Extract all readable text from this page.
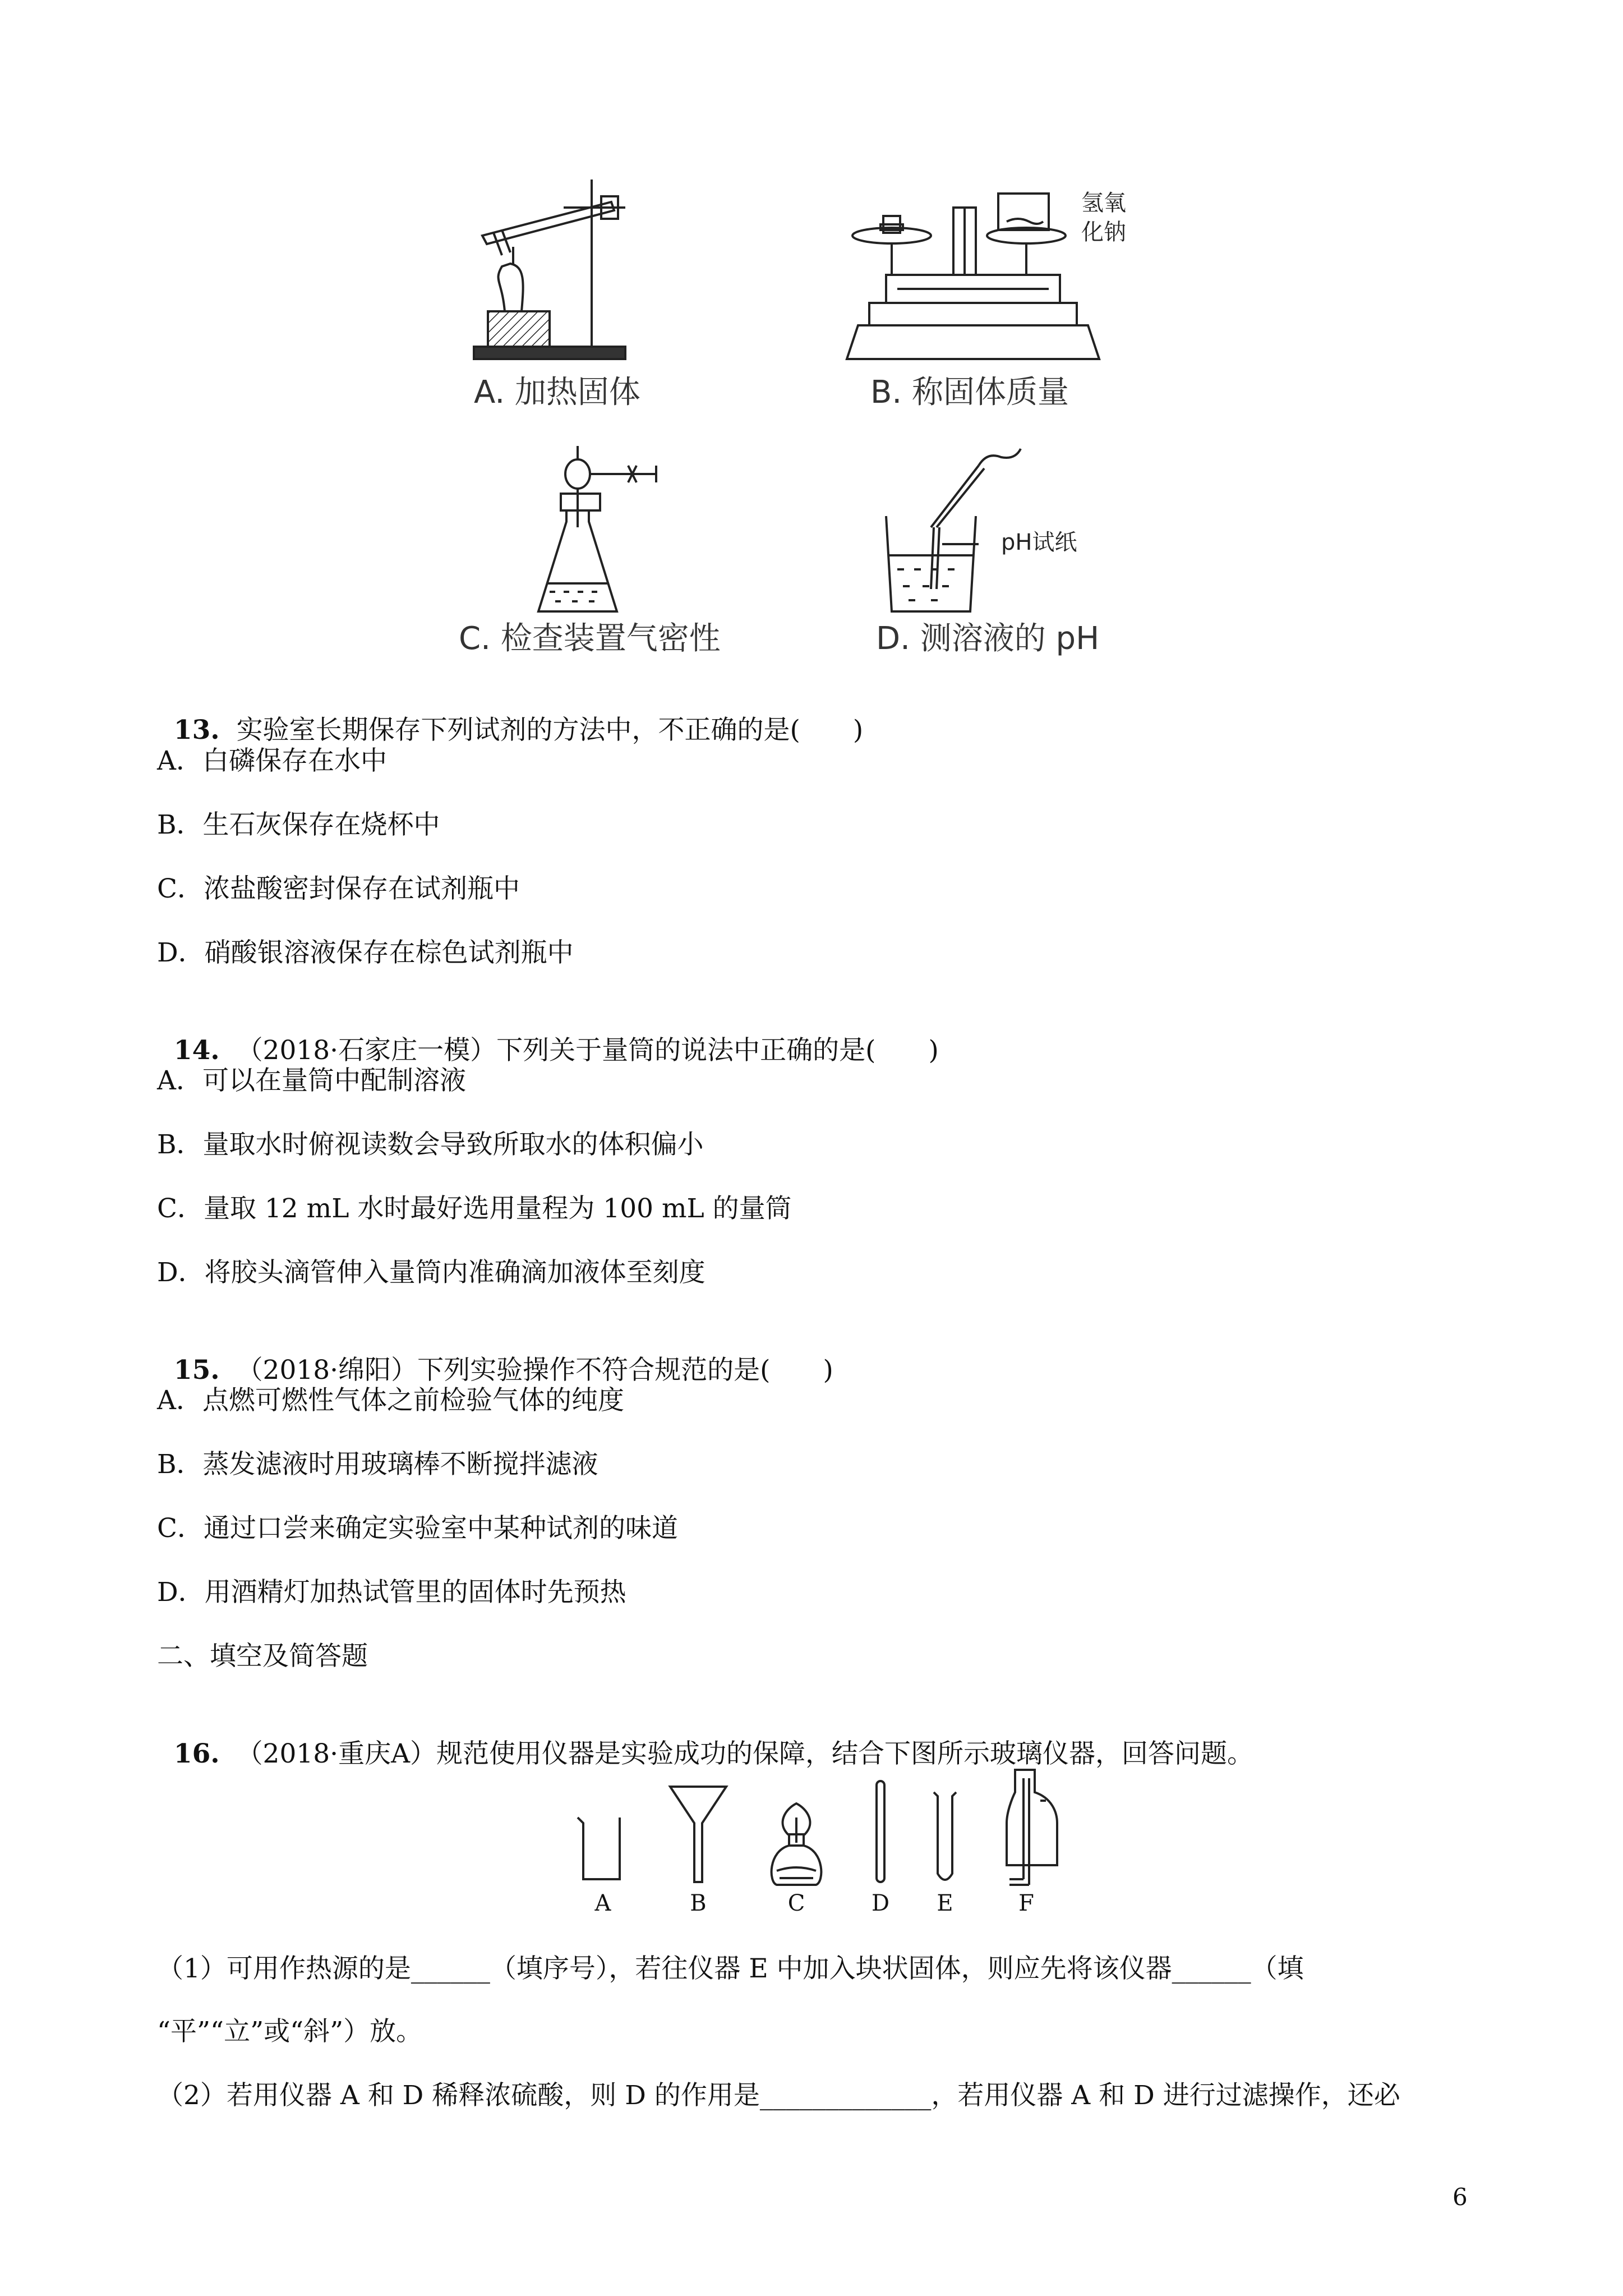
A. 加热固体
氢氧
化钠
B. 称固体质量
C. 检查装置气密性
pH试纸
D. 测溶液的 pH

13. 实验室长期保存下列试剂的方法中，不正确的是(　　)

A．白磷保存在水中
B．生石灰保存在烧杯中
C．浓盐酸密封保存在试剂瓶中
D．硝酸银溶液保存在棕色试剂瓶中

14. （2018·石家庄一模）下列关于量筒的说法中正确的是(　　)

A．可以在量筒中配制溶液
B．量取水时俯视读数会导致所取水的体积偏小
C．量取 12 mL 水时最好选用量程为 100 mL 的量筒
D．将胶头滴管伸入量筒内准确滴加液体至刻度

15. （2018·绵阳）下列实验操作不符合规范的是(　　)

A．点燃可燃性气体之前检验气体的纯度
B．蒸发滤液时用玻璃棒不断搅拌滤液
C．通过口尝来确定实验室中某种试剂的味道
D．用酒精灯加热试管里的固体时先预热
二、填空及简答题

16. （2018·重庆A）规范使用仪器是实验成功的保障，结合下图所示玻璃仪器，回答问题。

A	B	C	D	E	F
（1）可用作热源的是______（填序号），若往仪器 E 中加入块状固体，则应先将该仪器______（填
“平”“立”或“斜”）放。
（2）若用仪器 A 和 D 稀释浓硫酸，则 D 的作用是_____________，若用仪器 A 和 D 进行过滤操作，还必
6
